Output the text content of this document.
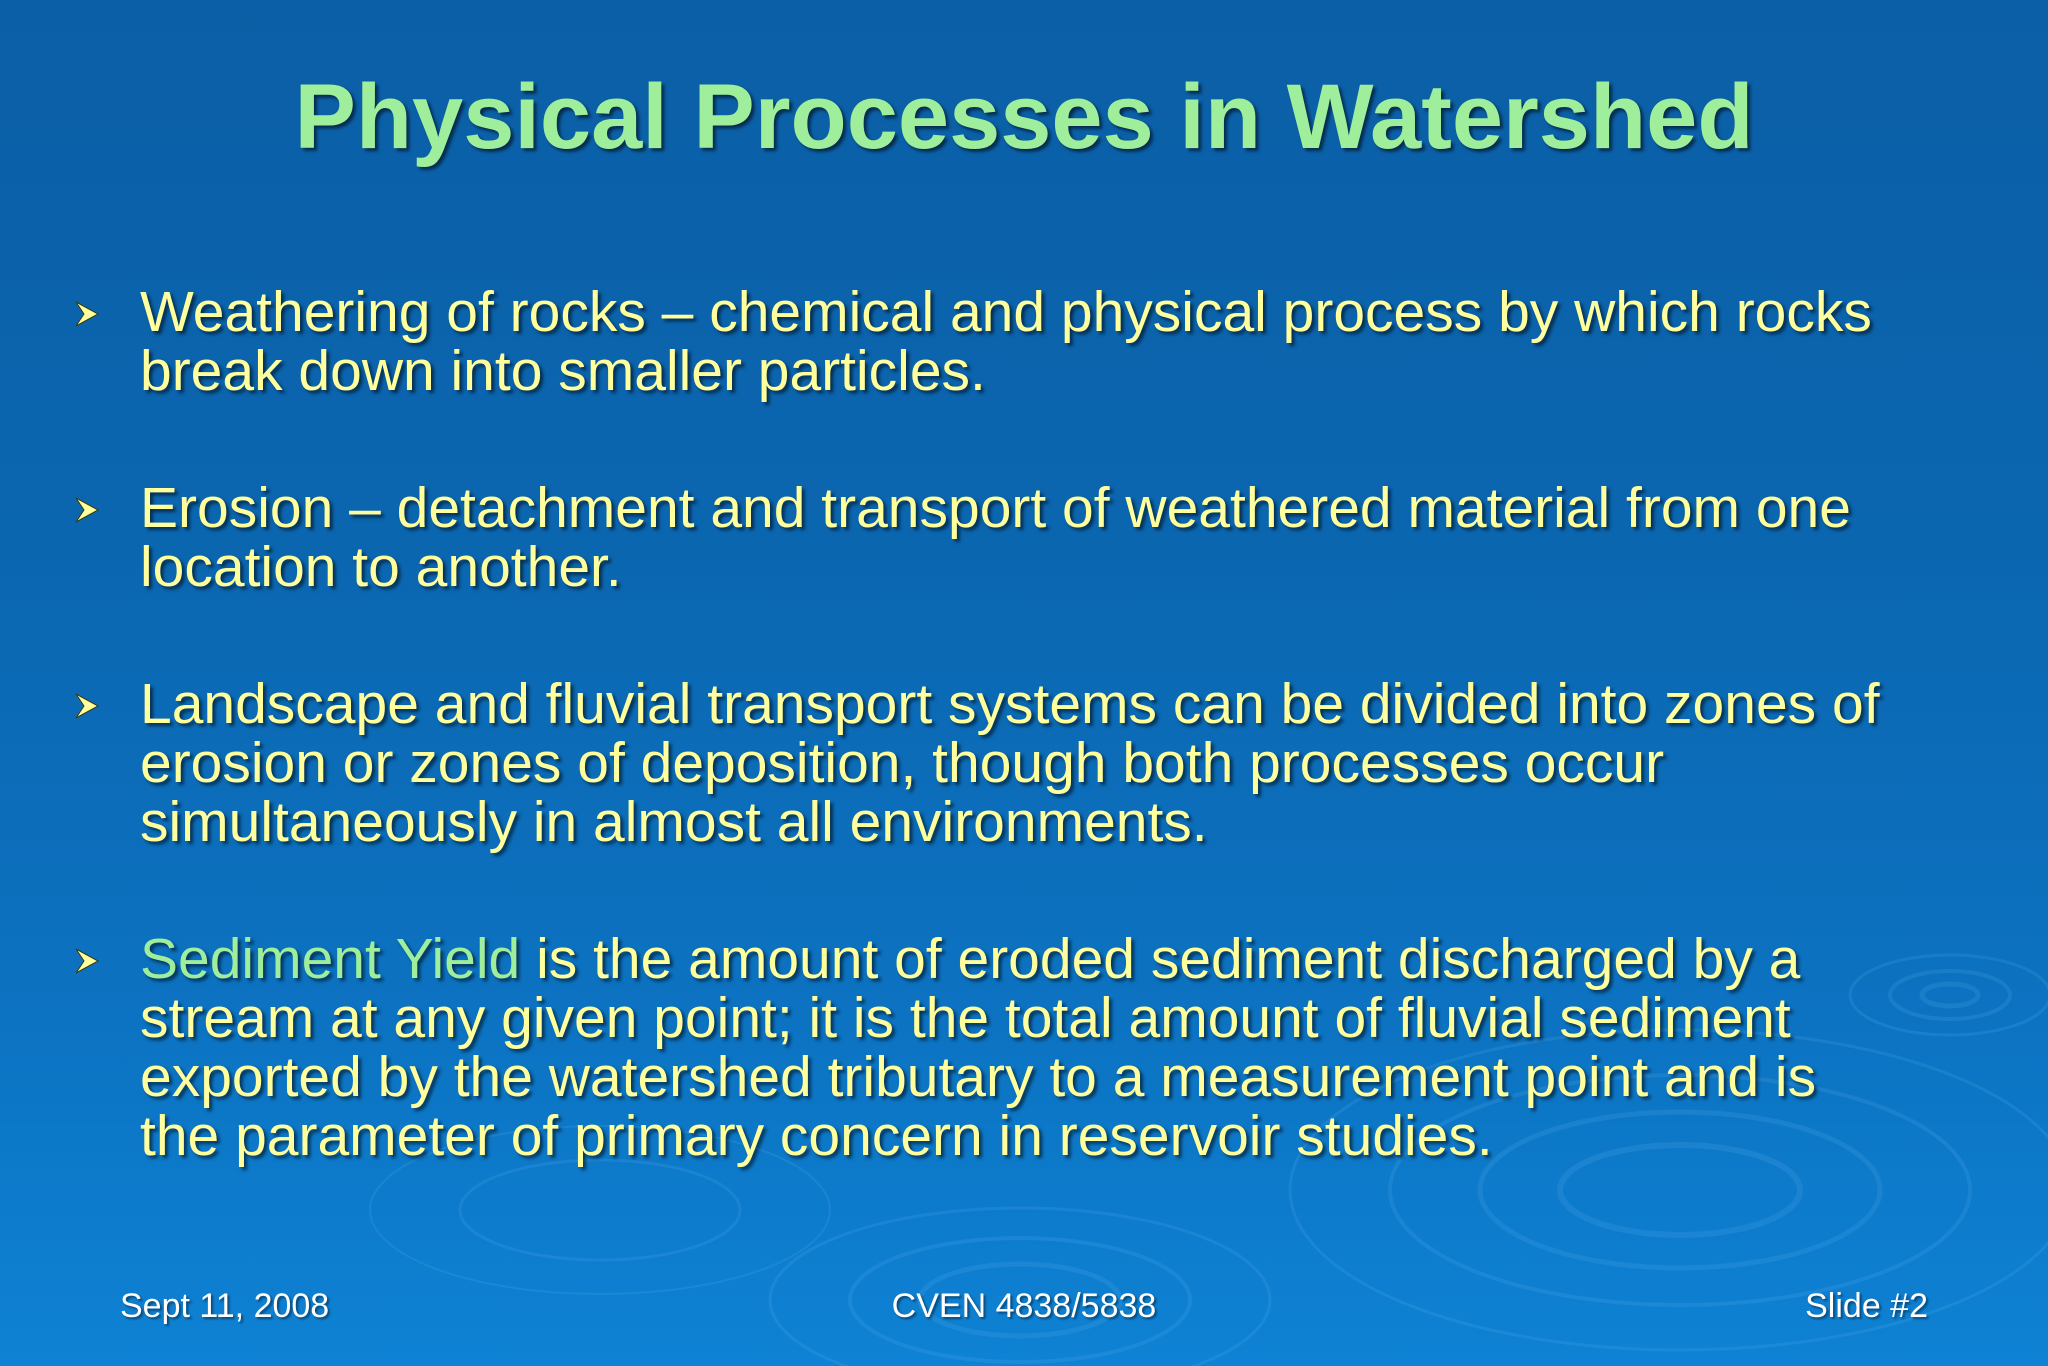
Physical Processes in Watershed

Weathering of rocks – chemical and physical process by which rocks
break down into smaller particles.

Erosion – detachment and transport of weathered material from one
location to another.

Landscape and fluvial transport systems can be divided into zones of
erosion or zones of deposition, though both processes occur
simultaneously in almost all environments.

Sediment Yield is the amount of eroded sediment discharged by a
stream at any given point; it is the total amount of fluvial sediment
exported by the watershed tributary to a measurement point and is
the parameter of primary concern in reservoir studies.

Sept 11, 2008	CVEN 4838/5838	Slide #2
